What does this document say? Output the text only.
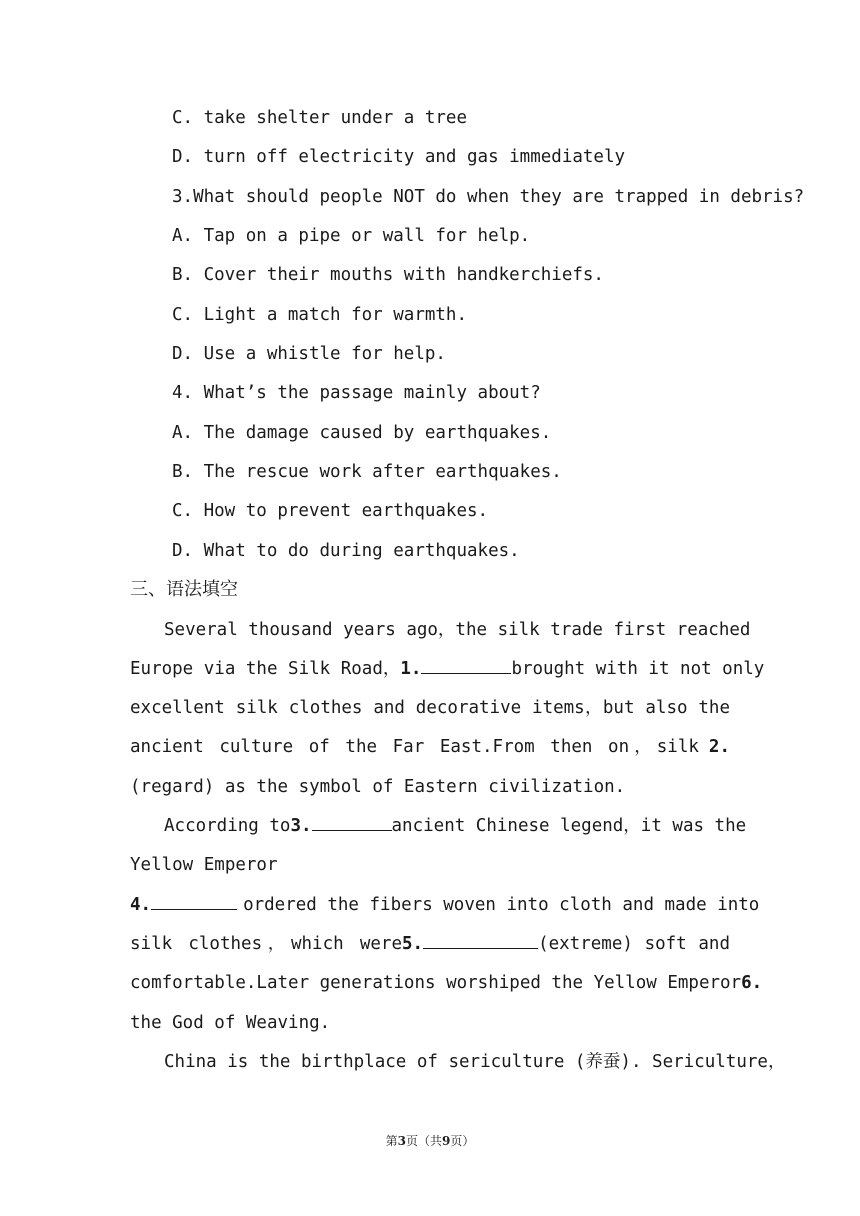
C. take shelter under a tree
D. turn off electricity and gas immediately
3.What should people NOT do when they are trapped in debris?
A. Tap on a pipe or wall for help.
B. Cover their mouths with handkerchiefs.
C. Light a match for warmth.
D. Use a whistle for help.
4. What’s the passage mainly about?
A. The damage caused by earthquakes.
B. The rescue work after earthquakes.
C. How to prevent earthquakes.
D. What to do during earthquakes.
三、语法填空
Several thousand years ago，the silk trade first reached
Europe via the Silk Road， 1.	brought with it not only
excellent silk clothes and decorative items，but also the
ancient culture of the Far East.From then on，silk 2.
(regard) as the symbol of Eastern civilization.
According to 3.	ancient Chinese legend，it was the
Yellow Emperor
4.	ordered the fibers woven into cloth and made into
silk clothes，which were 5.	(extreme) soft and
comfortable.Later generations worshiped the Yellow Emperor 6.
the God of Weaving.
China is the birthplace of sericulture (养蚕). Sericulture，
第3页（共9页）
